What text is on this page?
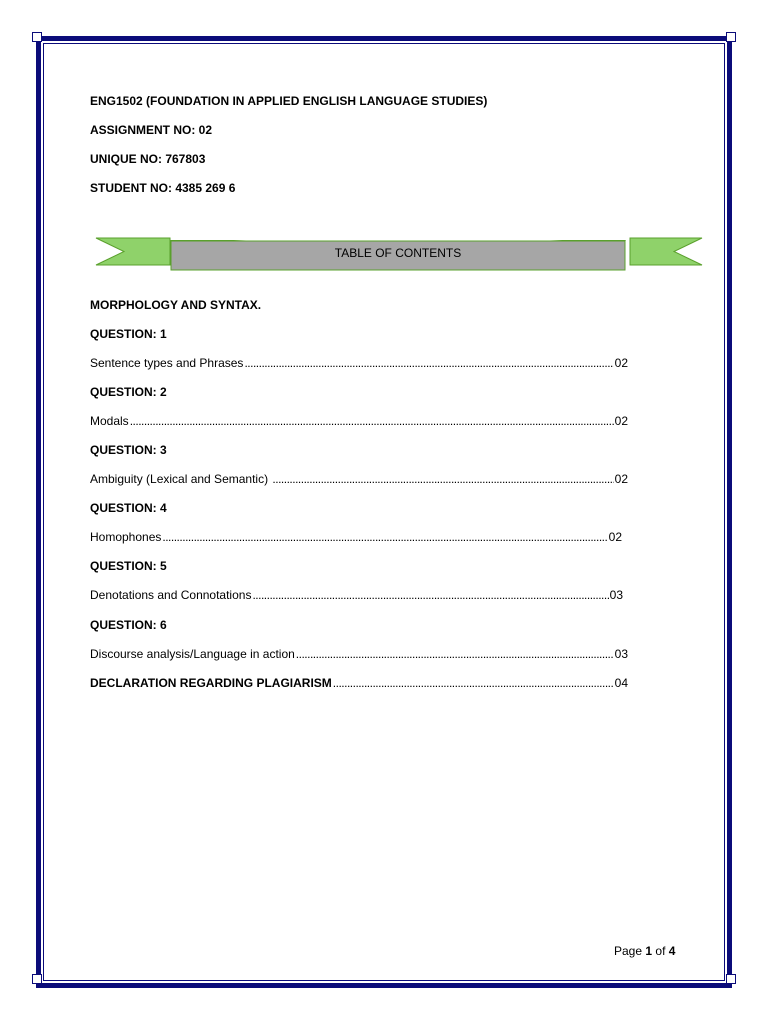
ENG1502 (FOUNDATION IN APPLIED ENGLISH LANGUAGE STUDIES)
ASSIGNMENT NO: 02
UNIQUE NO: 767803
STUDENT NO: 4385 269 6
TABLE OF CONTENTS
MORPHOLOGY AND SYNTAX.
QUESTION: 1
Sentence types and Phrases .....	02
QUESTION: 2
Modals .....	02
QUESTION: 3
Ambiguity (Lexical and Semantic) .....	02
QUESTION: 4
Homophones .....	02
QUESTION: 5
Denotations and Connotations .....	03
QUESTION: 6
Discourse analysis/Language in action .....	03
DECLARATION REGARDING PLAGIARISM .....	04
Page 1 of 4
